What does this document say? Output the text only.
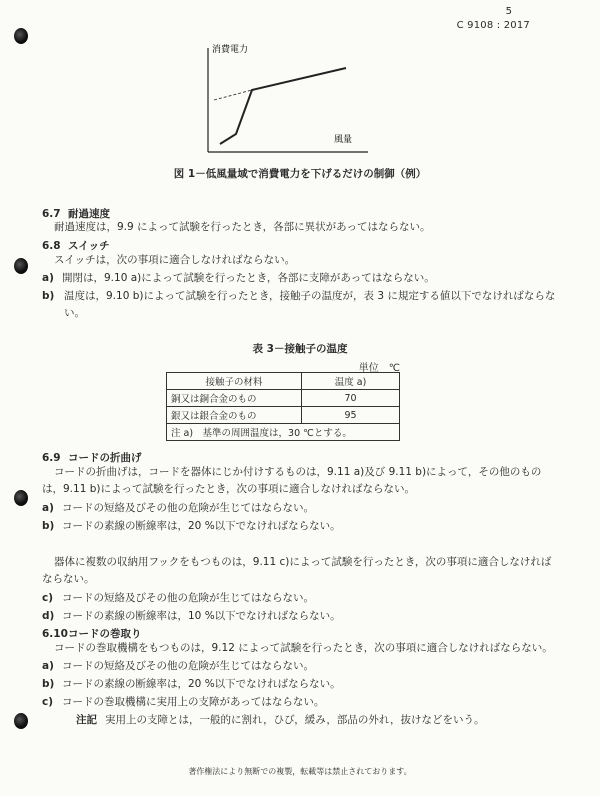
5
C 9108 : 2017
消費電力
風量
図 1－低風量域で消費電力を下げるだけの制御（例）
6.7 耐過速度
耐過速度は，9.9 によって試験を行ったとき，各部に異状があってはならない。
6.8 スイッチ
スイッチは，次の事項に適合しなければならない。
a) 開閉は，9.10 a)によって試験を行ったとき，各部に支障があってはならない。
b) 温度は，9.10 b)によって試験を行ったとき，接触子の温度が，表 3 に規定する値以下でなければならない。
表 3－接触子の温度
単位　℃
接触子の材料	温度 a)
銅又は銅合金のもの	70
銀又は銀合金のもの	95
注 a)　基準の周囲温度は，30 ℃とする。	
6.9 コードの折曲げ
コードの折曲げは，コードを器体にじか付けするものは，9.11 a)及び 9.11 b)によって，その他のものは，9.11 b)によって試験を行ったとき，次の事項に適合しなければならない。
a) コードの短絡及びその他の危険が生じてはならない。
b) コードの素線の断線率は，20 %以下でなければならない。
器体に複数の収納用フックをもつものは，9.11 c)によって試験を行ったとき，次の事項に適合しなければならない。
c) コードの短絡及びその他の危険が生じてはならない。
d) コードの素線の断線率は，10 %以下でなければならない。
6.10コードの巻取り
コードの巻取機構をもつものは，9.12 によって試験を行ったとき，次の事項に適合しなければならない。
a) コードの短絡及びその他の危険が生じてはならない。
b) コードの素線の断線率は，20 %以下でなければならない。
c) コードの巻取機構に実用上の支障があってはならない。
注記 実用上の支障とは，一般的に割れ，ひび，緩み，部品の外れ，抜けなどをいう。
著作権法により無断での複製，転載等は禁止されております。
